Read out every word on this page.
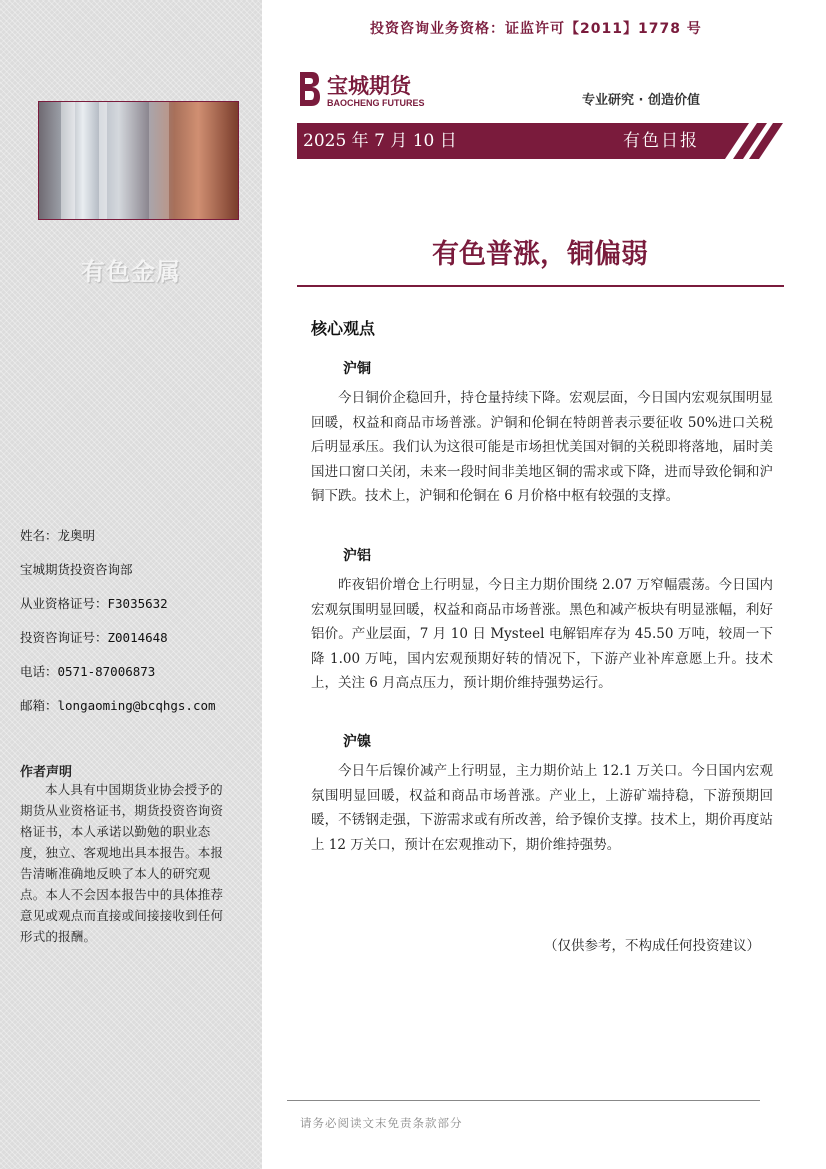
有色金属
姓名：龙奥明
宝城期货投资咨询部
从业资格证号：F3035632
投资咨询证号：Z0014648
电话：0571-87006873
邮箱：longaoming@bcqhgs.com
作者声明
本人具有中国期货业协会授予的期货从业资格证书，期货投资咨询资格证书，本人承诺以勤勉的职业态度，独立、客观地出具本报告。本报告清晰准确地反映了本人的研究观点。本人不会因本报告中的具体推荐意见或观点而直接或间接接收到任何形式的报酬。
投资咨询业务资格：证监许可【2011】1778 号
宝城期货
BAOCHENG FUTURES	专业研究 · 创造价值
2025 年 7 月 10 日	有色日报
有色普涨，铜偏弱
核心观点
沪铜

今日铜价企稳回升，持仓量持续下降。宏观层面，今日国内宏观氛围明显回暖，权益和商品市场普涨。沪铜和伦铜在特朗普表示要征收 50%进口关税后明显承压。我们认为这很可能是市场担忧美国对铜的关税即将落地，届时美国进口窗口关闭，未来一段时间非美地区铜的需求或下降，进而导致伦铜和沪铜下跌。技术上，沪铜和伦铜在 6 月价格中枢有较强的支撑。

沪铝

昨夜铝价增仓上行明显，今日主力期价围绕 2.07 万窄幅震荡。今日国内宏观氛围明显回暖，权益和商品市场普涨。黑色和减产板块有明显涨幅，利好铝价。产业层面，7 月 10 日 Mysteel 电解铝库存为 45.50 万吨，较周一下降 1.00 万吨，国内宏观预期好转的情况下，下游产业补库意愿上升。技术上，关注 6 月高点压力，预计期价维持强势运行。

沪镍

今日午后镍价减产上行明显，主力期价站上 12.1 万关口。今日国内宏观氛围明显回暖，权益和商品市场普涨。产业上，上游矿端持稳，下游预期回暖，不锈钢走强，下游需求或有所改善，给予镍价支撑。技术上，期价再度站上 12 万关口，预计在宏观推动下，期价维持强势。

（仅供参考，不构成任何投资建议）
请务必阅读文末免责条款部分
